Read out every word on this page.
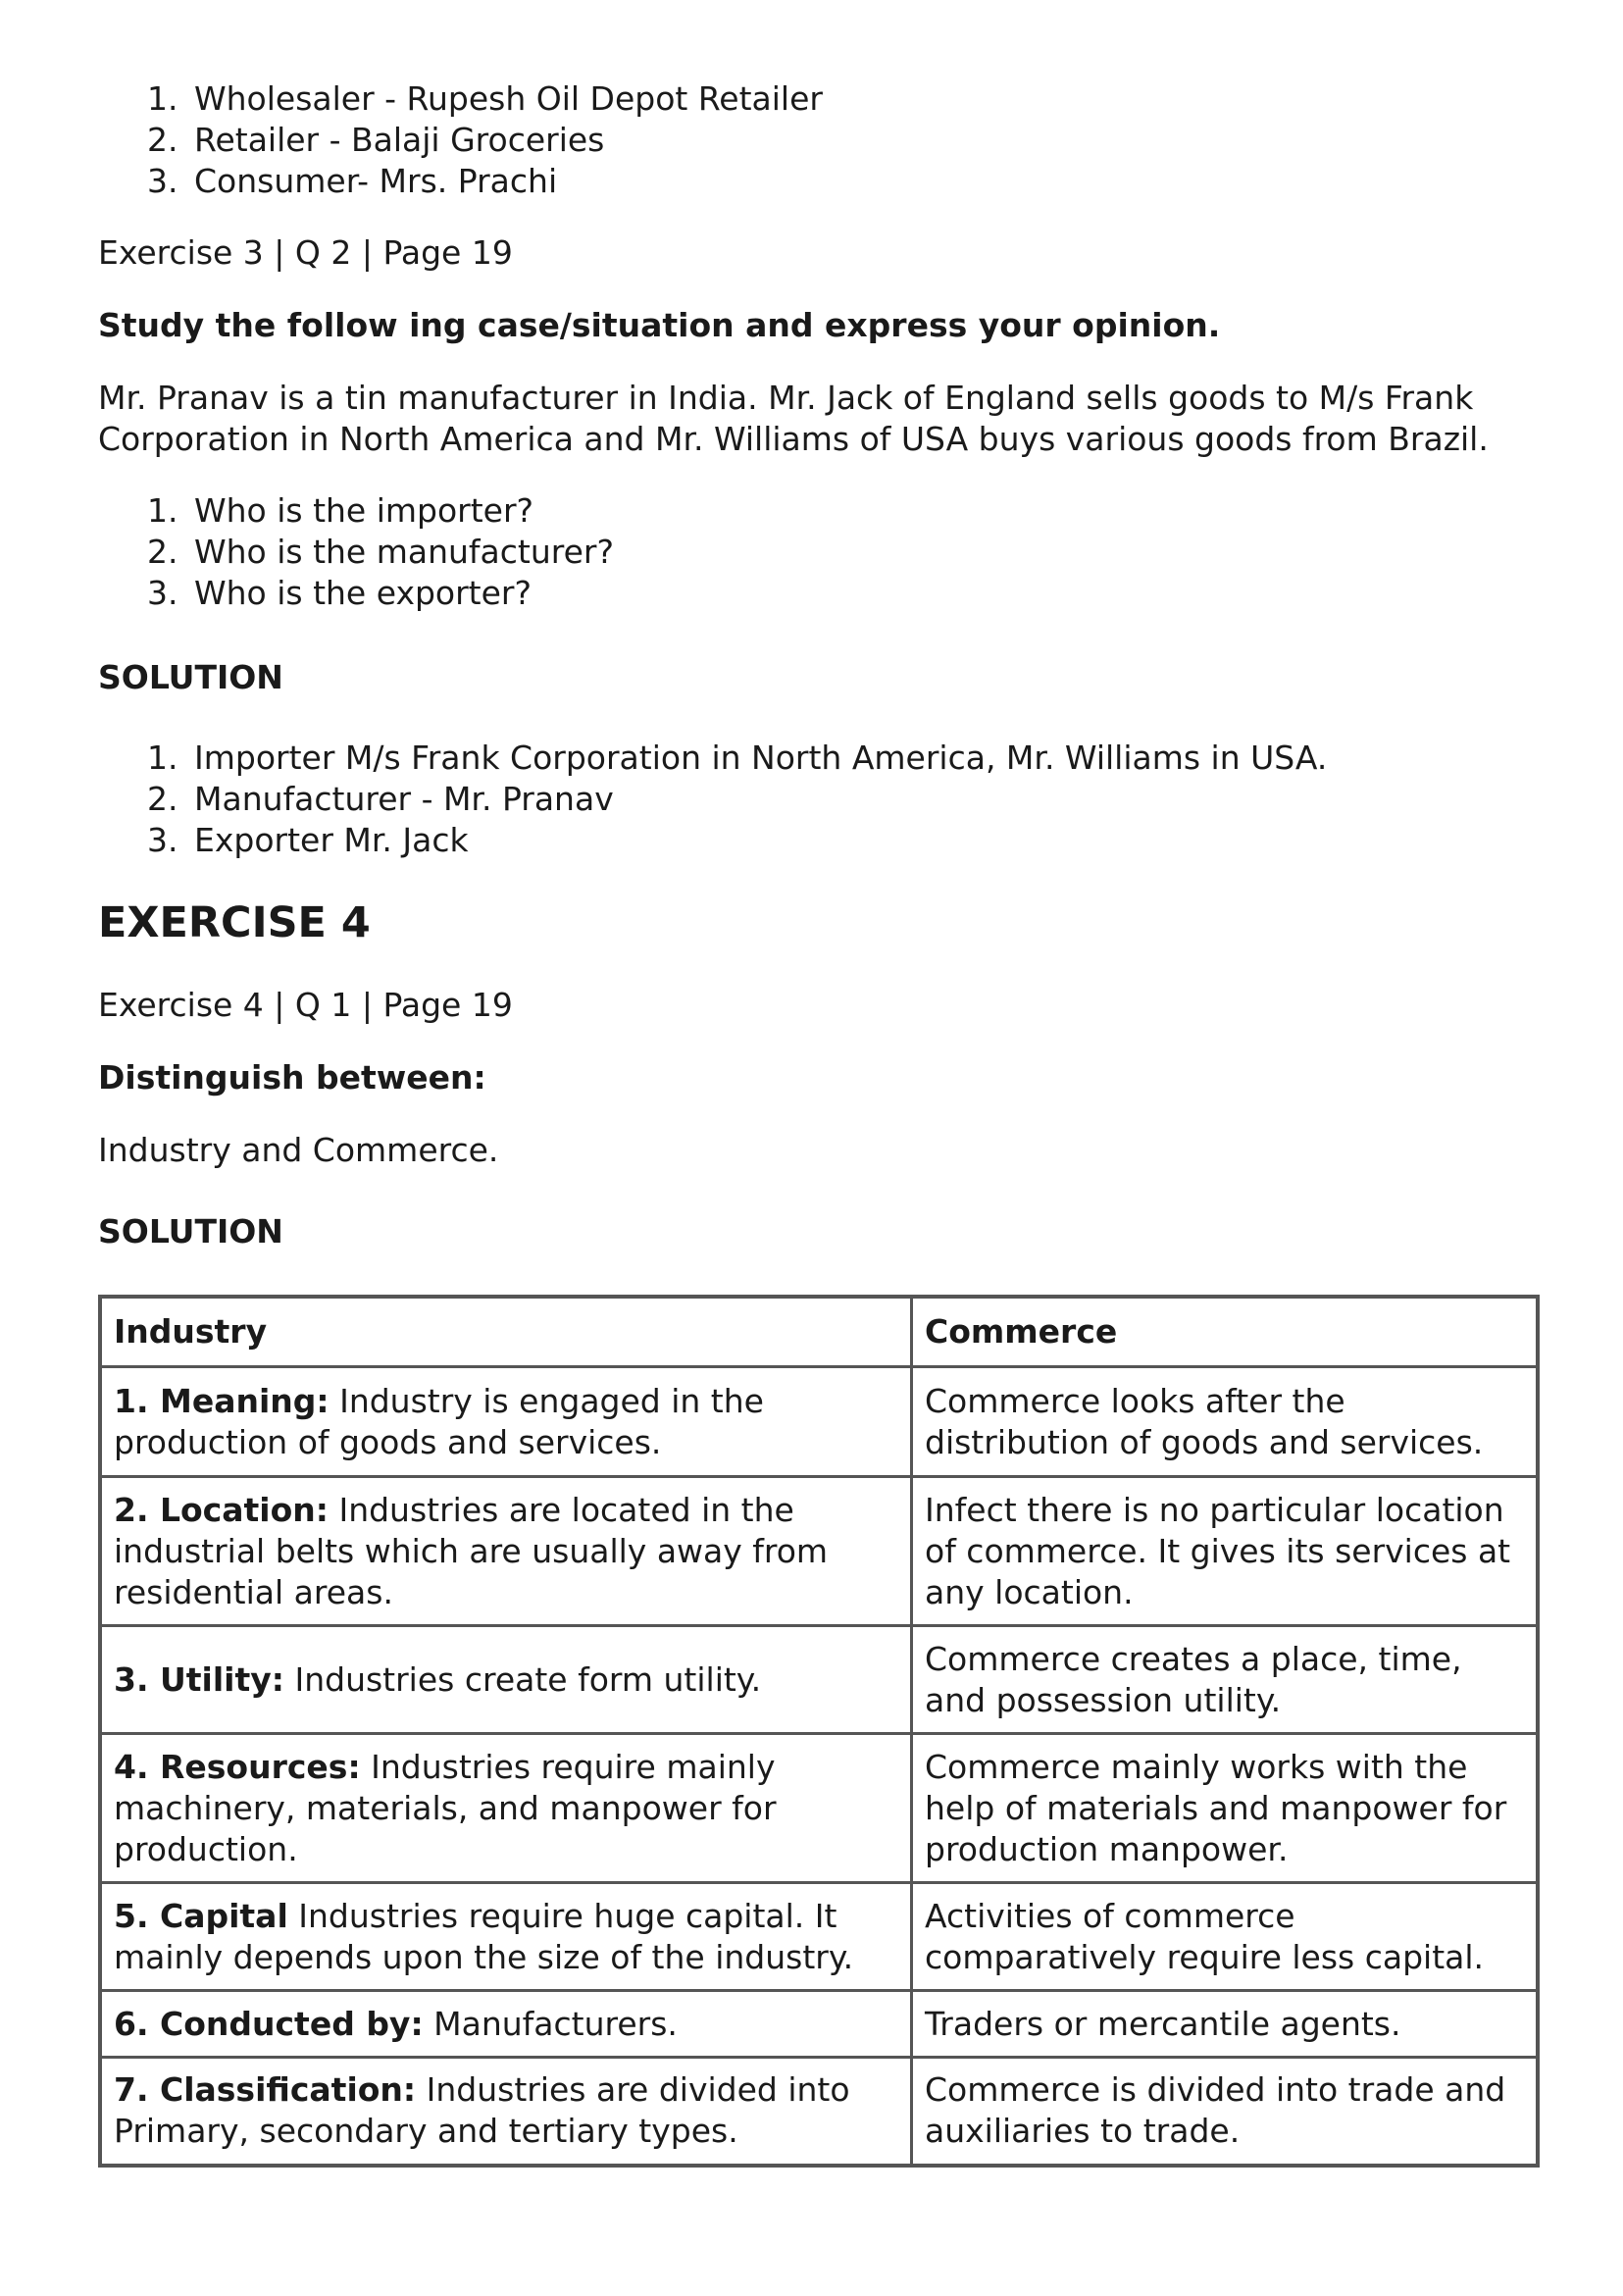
1. Wholesaler - Rupesh Oil Depot Retailer
2. Retailer - Balaji Groceries
3. Consumer- Mrs. Prachi

Exercise 3 | Q 2 | Page 19

Study the follow ing case/situation and express your opinion.

Mr. Pranav is a tin manufacturer in India. Mr. Jack of England sells goods to M/s Frank Corporation in North America and Mr. Williams of USA buys various goods from Brazil.

1. Who is the importer?
2. Who is the manufacturer?
3. Who is the exporter?

SOLUTION

1. Importer M/s Frank Corporation in North America, Mr. Williams in USA.
2. Manufacturer - Mr. Pranav
3. Exporter Mr. Jack
EXERCISE 4

Exercise 4 | Q 1 | Page 19

Distinguish between:

Industry and Commerce.

SOLUTION

Industry	Commerce
1. Meaning: Industry is engaged in the production of goods and services.	Commerce looks after the distribution of goods and services.
2. Location: Industries are located in the industrial belts which are usually away from residential areas.	Infect there is no particular location of commerce. It gives its services at any location.
3. Utility: Industries create form utility.	Commerce creates a place, time, and possession utility.
4. Resources: Industries require mainly machinery, materials, and manpower for production.	Commerce mainly works with the help of materials and manpower for production manpower.
5. Capital Industries require huge capital. It mainly depends upon the size of the industry.	Activities of commerce comparatively require less capital.
6. Conducted by: Manufacturers.	Traders or mercantile agents.
7. Classification: Industries are divided into Primary, secondary and tertiary types.	Commerce is divided into trade and auxiliaries to trade.
